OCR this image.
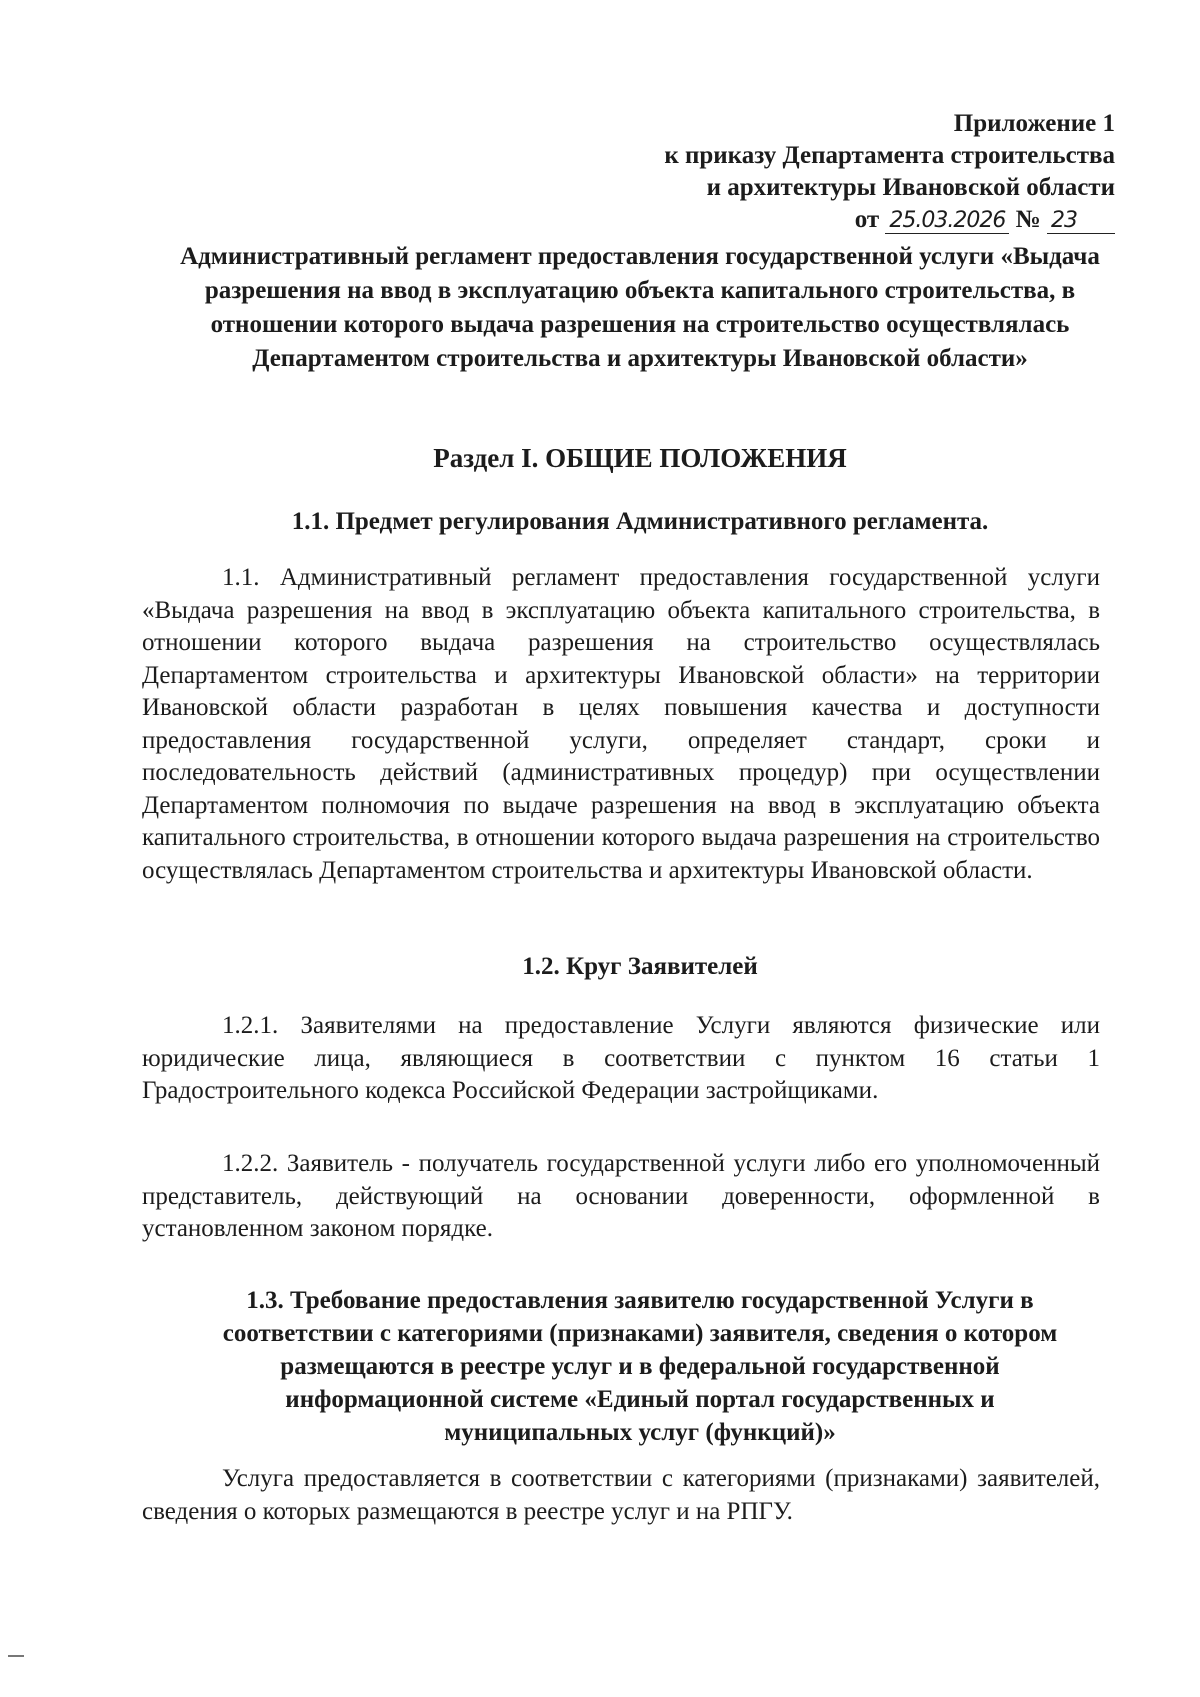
Приложение 1
к приказу Департамента строительства
и архитектуры Ивановской области
от 25.03.2026 № 23
Административный регламент предоставления государственной услуги «Выдача разрешения на ввод в эксплуатацию объекта капитального строительства, в отношении которого выдача разрешения на строительство осуществлялась Департаментом строительства и архитектуры Ивановской области»
Раздел I. ОБЩИЕ ПОЛОЖЕНИЯ
1.1. Предмет регулирования Административного регламента.
1.1. Административный регламент предоставления государственной услуги «Выдача разрешения на ввод в эксплуатацию объекта капитального строительства, в отношении которого выдача разрешения на строительство осуществлялась Департаментом строительства и архитектуры Ивановской области» на территории Ивановской области разработан в целях повышения качества и доступности предоставления государственной услуги, определяет стандарт, сроки и последовательность действий (административных процедур) при осуществлении Департаментом полномочия по выдаче разрешения на ввод в эксплуатацию объекта капитального строительства, в отношении которого выдача разрешения на строительство осуществлялась Департаментом строительства и архитектуры Ивановской области.
1.2. Круг Заявителей
1.2.1. Заявителями на предоставление Услуги являются физические или юридические лица, являющиеся в соответствии с пунктом 16 статьи 1 Градостроительного кодекса Российской Федерации застройщиками.
1.2.2. Заявитель - получатель государственной услуги либо его уполномоченный представитель, действующий на основании доверенности, оформленной в установленном законом порядке.
1.3. Требование предоставления заявителю государственной Услуги в соответствии с категориями (признаками) заявителя, сведения о котором размещаются в реестре услуг и в федеральной государственной информационной системе «Единый портал государственных и муниципальных услуг (функций)»
Услуга предоставляется в соответствии с категориями (признаками) заявителей, сведения о которых размещаются в реестре услуг и на РПГУ.
